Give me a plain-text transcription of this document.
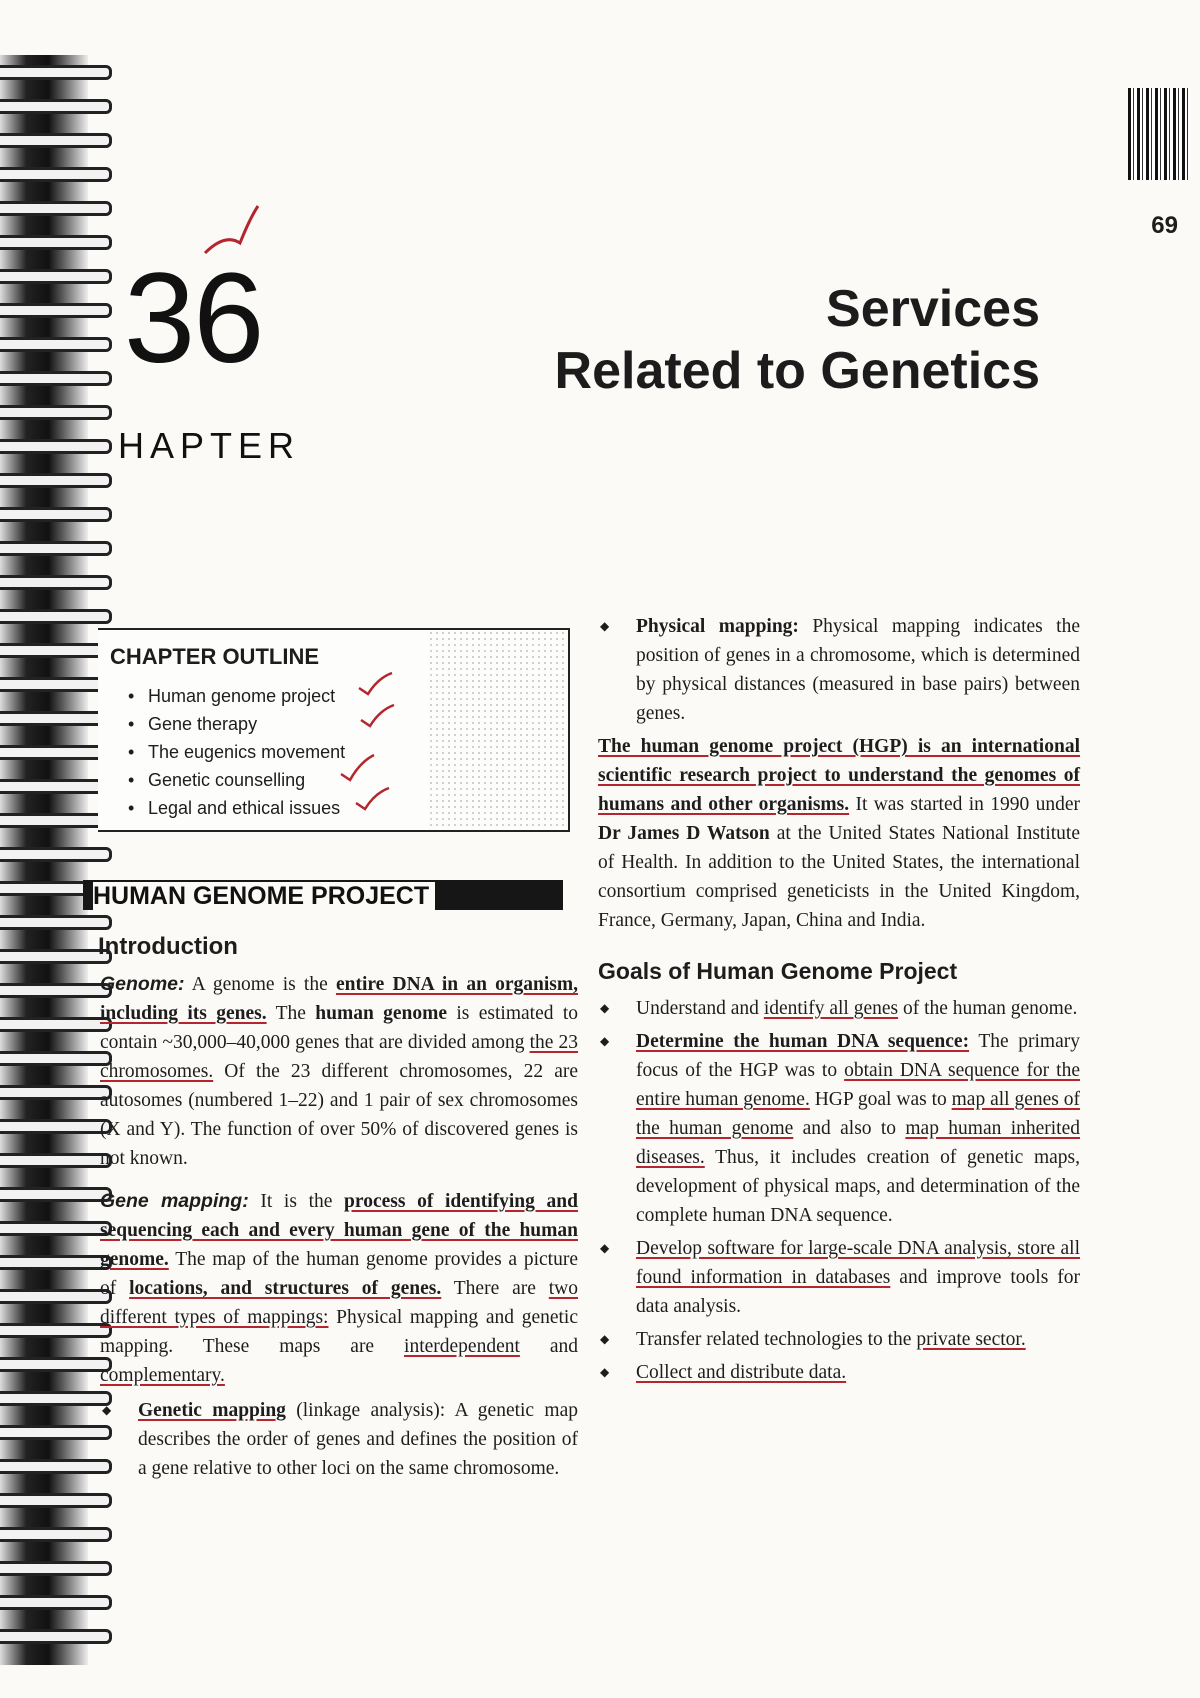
69
36
HAPTER
Services
Related to Genetics
CHAPTER OUTLINE
• Human genome project
• Gene therapy
• The eugenics movement
• Genetic counselling
• Legal and ethical issues
HUMAN GENOME PROJECT
Introduction

Genome: A genome is the entire DNA in an organism, including its genes. The human genome is estimated to contain ~30,000–40,000 genes that are divided among the 23 chromosomes. Of the 23 different chromosomes, 22 are autosomes (numbered 1–22) and 1 pair of sex chromosomes (X and Y). The function of over 50% of discovered genes is not known.

Gene mapping: It is the process of identifying and sequencing each and every human gene of the human genome. The map of the human genome provides a picture of locations, and structures of genes. There are two different types of mappings: Physical mapping and genetic mapping. These maps are interdependent and complementary.

◆ Genetic mapping (linkage analysis): A genetic map describes the order of genes and defines the position of a gene relative to other loci on the same chromosome.
◆ Physical mapping: Physical mapping indicates the position of genes in a chromosome, which is determined by physical distances (measured in base pairs) between genes.

The human genome project (HGP) is an international scientific research project to understand the genomes of humans and other organisms. It was started in 1990 under Dr James D Watson at the United States National Institute of Health. In addition to the United States, the international consortium comprised geneticists in the United Kingdom, France, Germany, Japan, China and India.

Goals of Human Genome Project
◆ Understand and identify all genes of the human genome.
◆ Determine the human DNA sequence: The primary focus of the HGP was to obtain DNA sequence for the entire human genome. HGP goal was to map all genes of the human genome and also to map human inherited diseases. Thus, it includes creation of genetic maps, development of physical maps, and determination of the complete human DNA sequence.
◆ Develop software for large-scale DNA analysis, store all found information in databases and improve tools for data analysis.
◆ Transfer related technologies to the private sector.
◆ Collect and distribute data.
